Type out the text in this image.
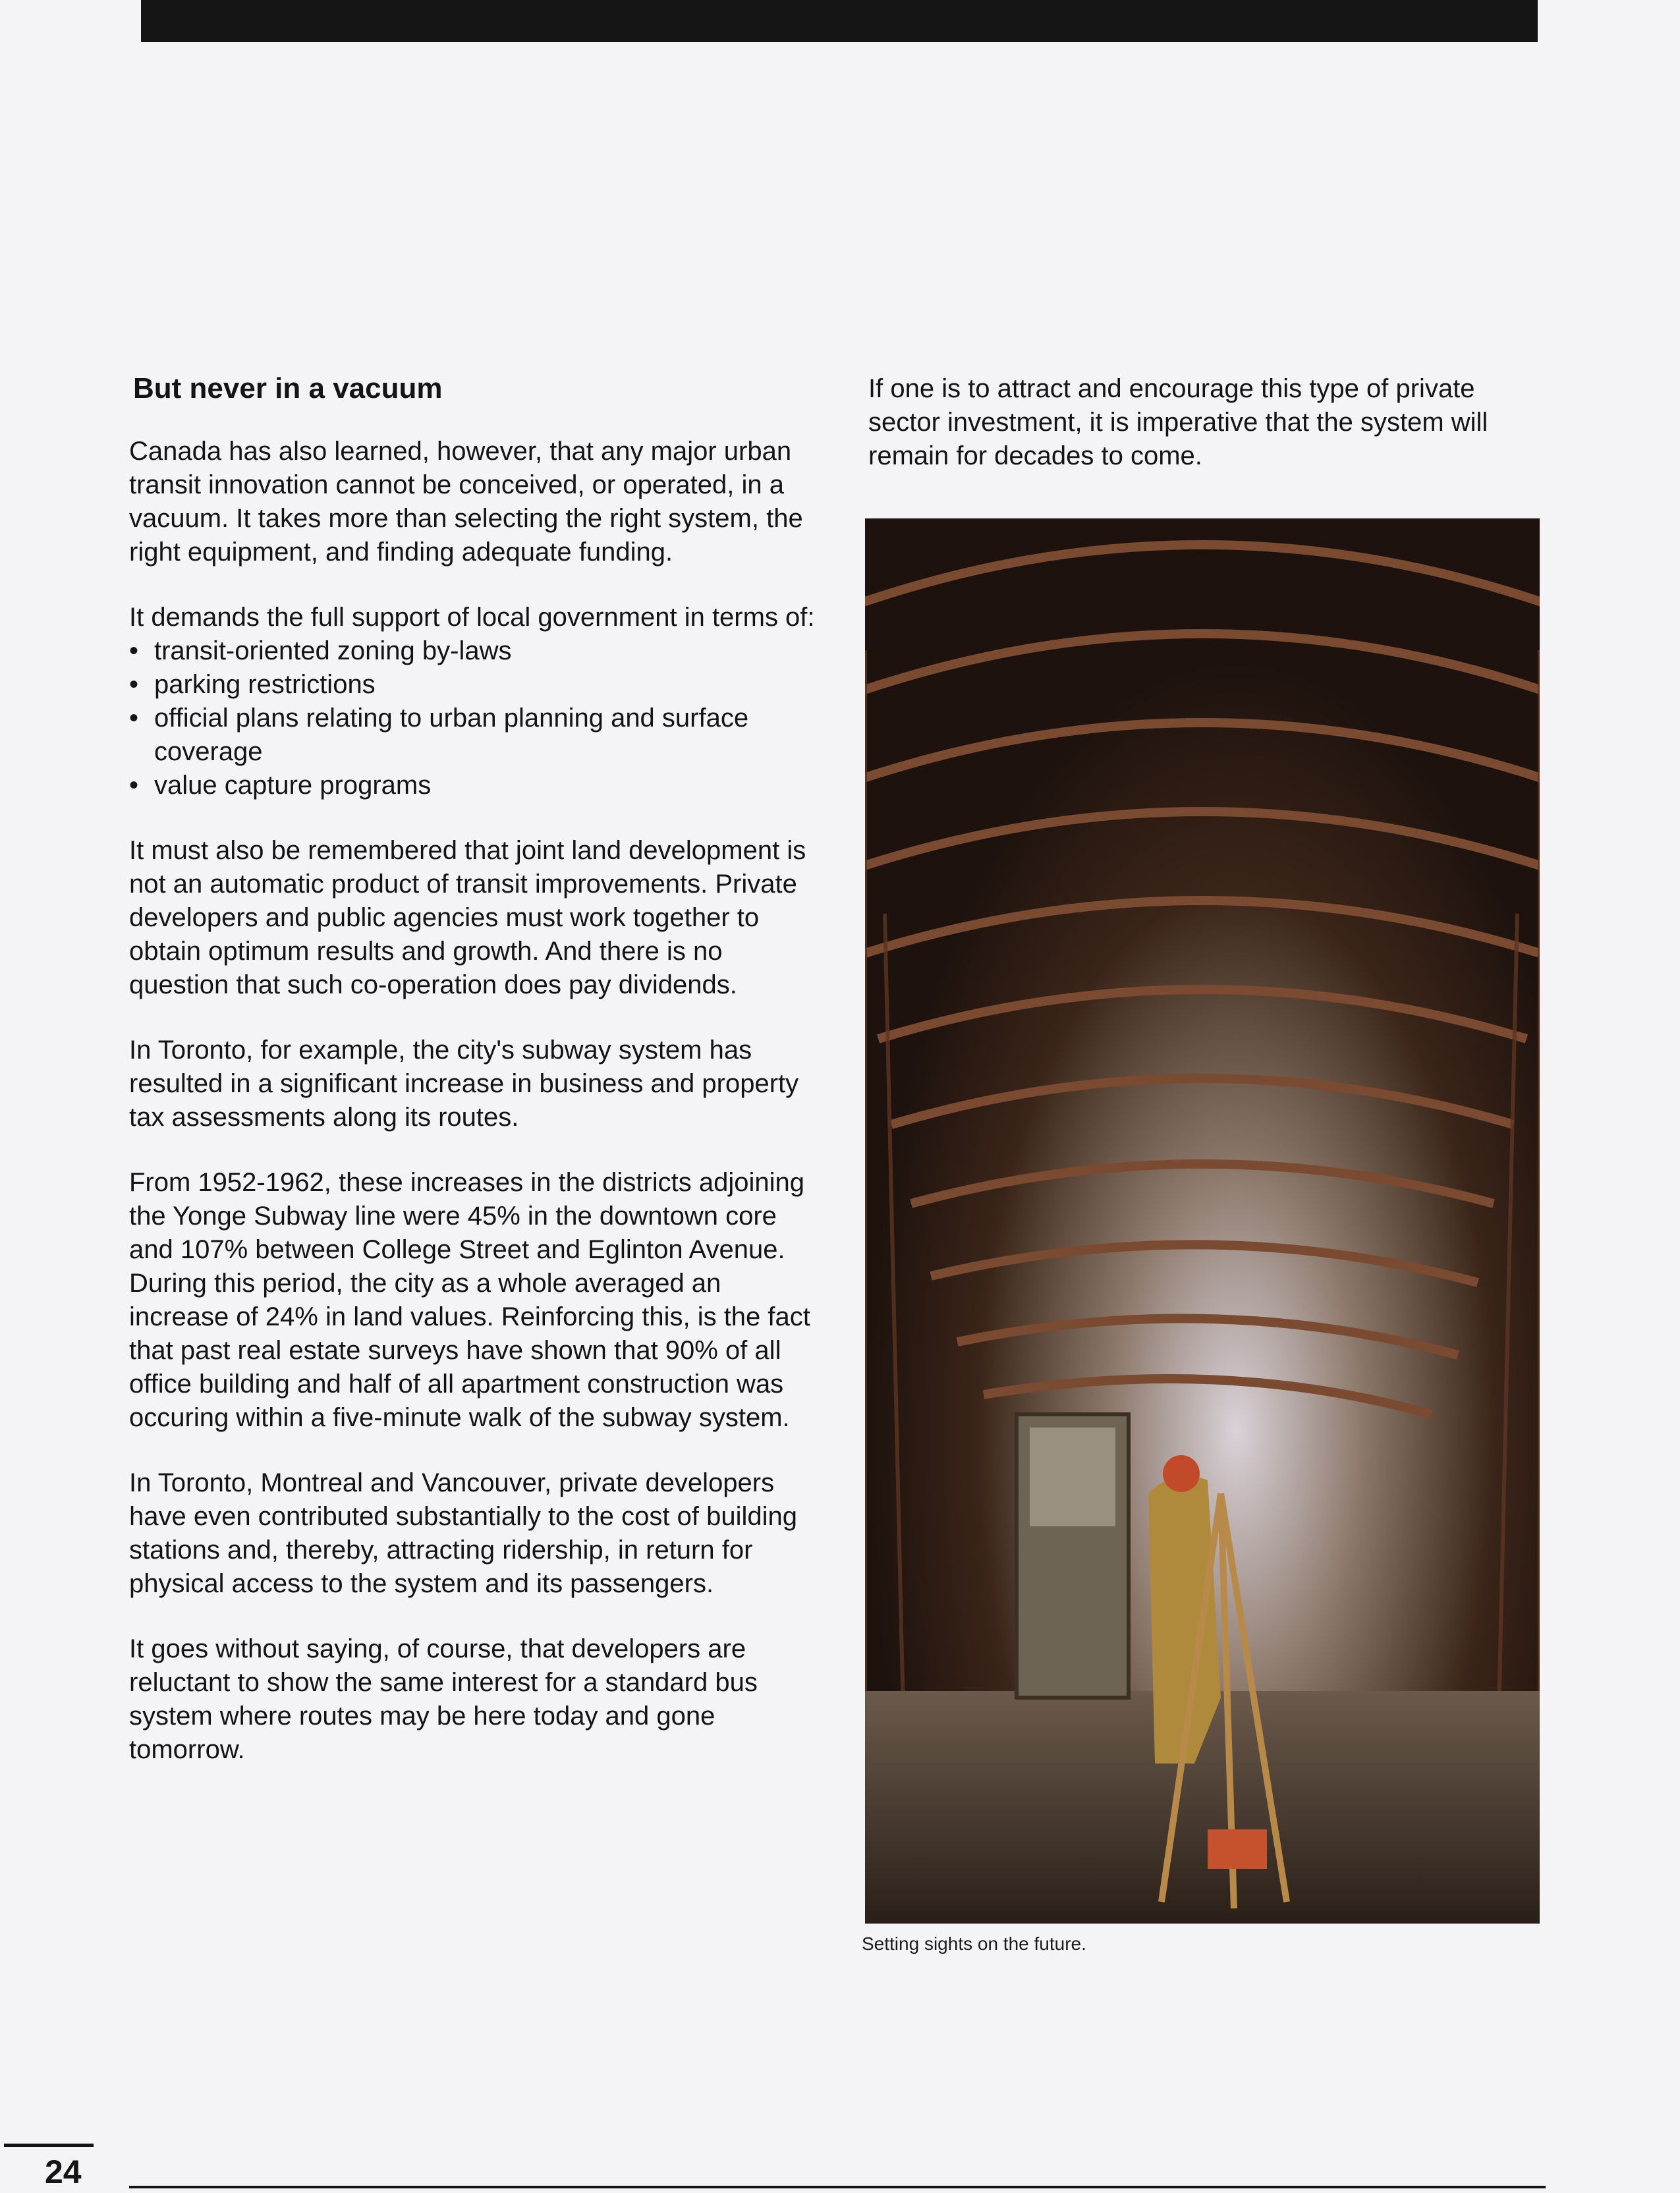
But never in a vacuum

Canada has also learned, however, that any major urban transit innovation cannot be conceived, or operated, in a vacuum. It takes more than selecting the right system, the right equipment, and finding adequate funding.

It demands the full support of local government in terms of:

• transit-oriented zoning by-laws
• parking restrictions
• official plans relating to urban planning and surface coverage
• value capture programs

It must also be remembered that joint land development is not an automatic product of transit improvements. Private developers and public agencies must work together to obtain optimum results and growth. And there is no question that such co-operation does pay dividends.

In Toronto, for example, the city's subway system has resulted in a significant increase in business and property tax assessments along its routes.

From 1952-1962, these increases in the districts adjoining the Yonge Subway line were 45% in the downtown core and 107% between College Street and Eglinton Avenue. During this period, the city as a whole averaged an increase of 24% in land values. Reinforcing this, is the fact that past real estate surveys have shown that 90% of all office building and half of all apartment construction was occuring within a five-minute walk of the subway system.

In Toronto, Montreal and Vancouver, private developers have even contributed substantially to the cost of building stations and, thereby, attracting ridership, in return for physical access to the system and its passengers.

It goes without saying, of course, that developers are reluctant to show the same interest for a standard bus system where routes may be here today and gone tomorrow.

If one is to attract and encourage this type of private sector investment, it is imperative that the system will remain for decades to come.

Setting sights on the future.
24
